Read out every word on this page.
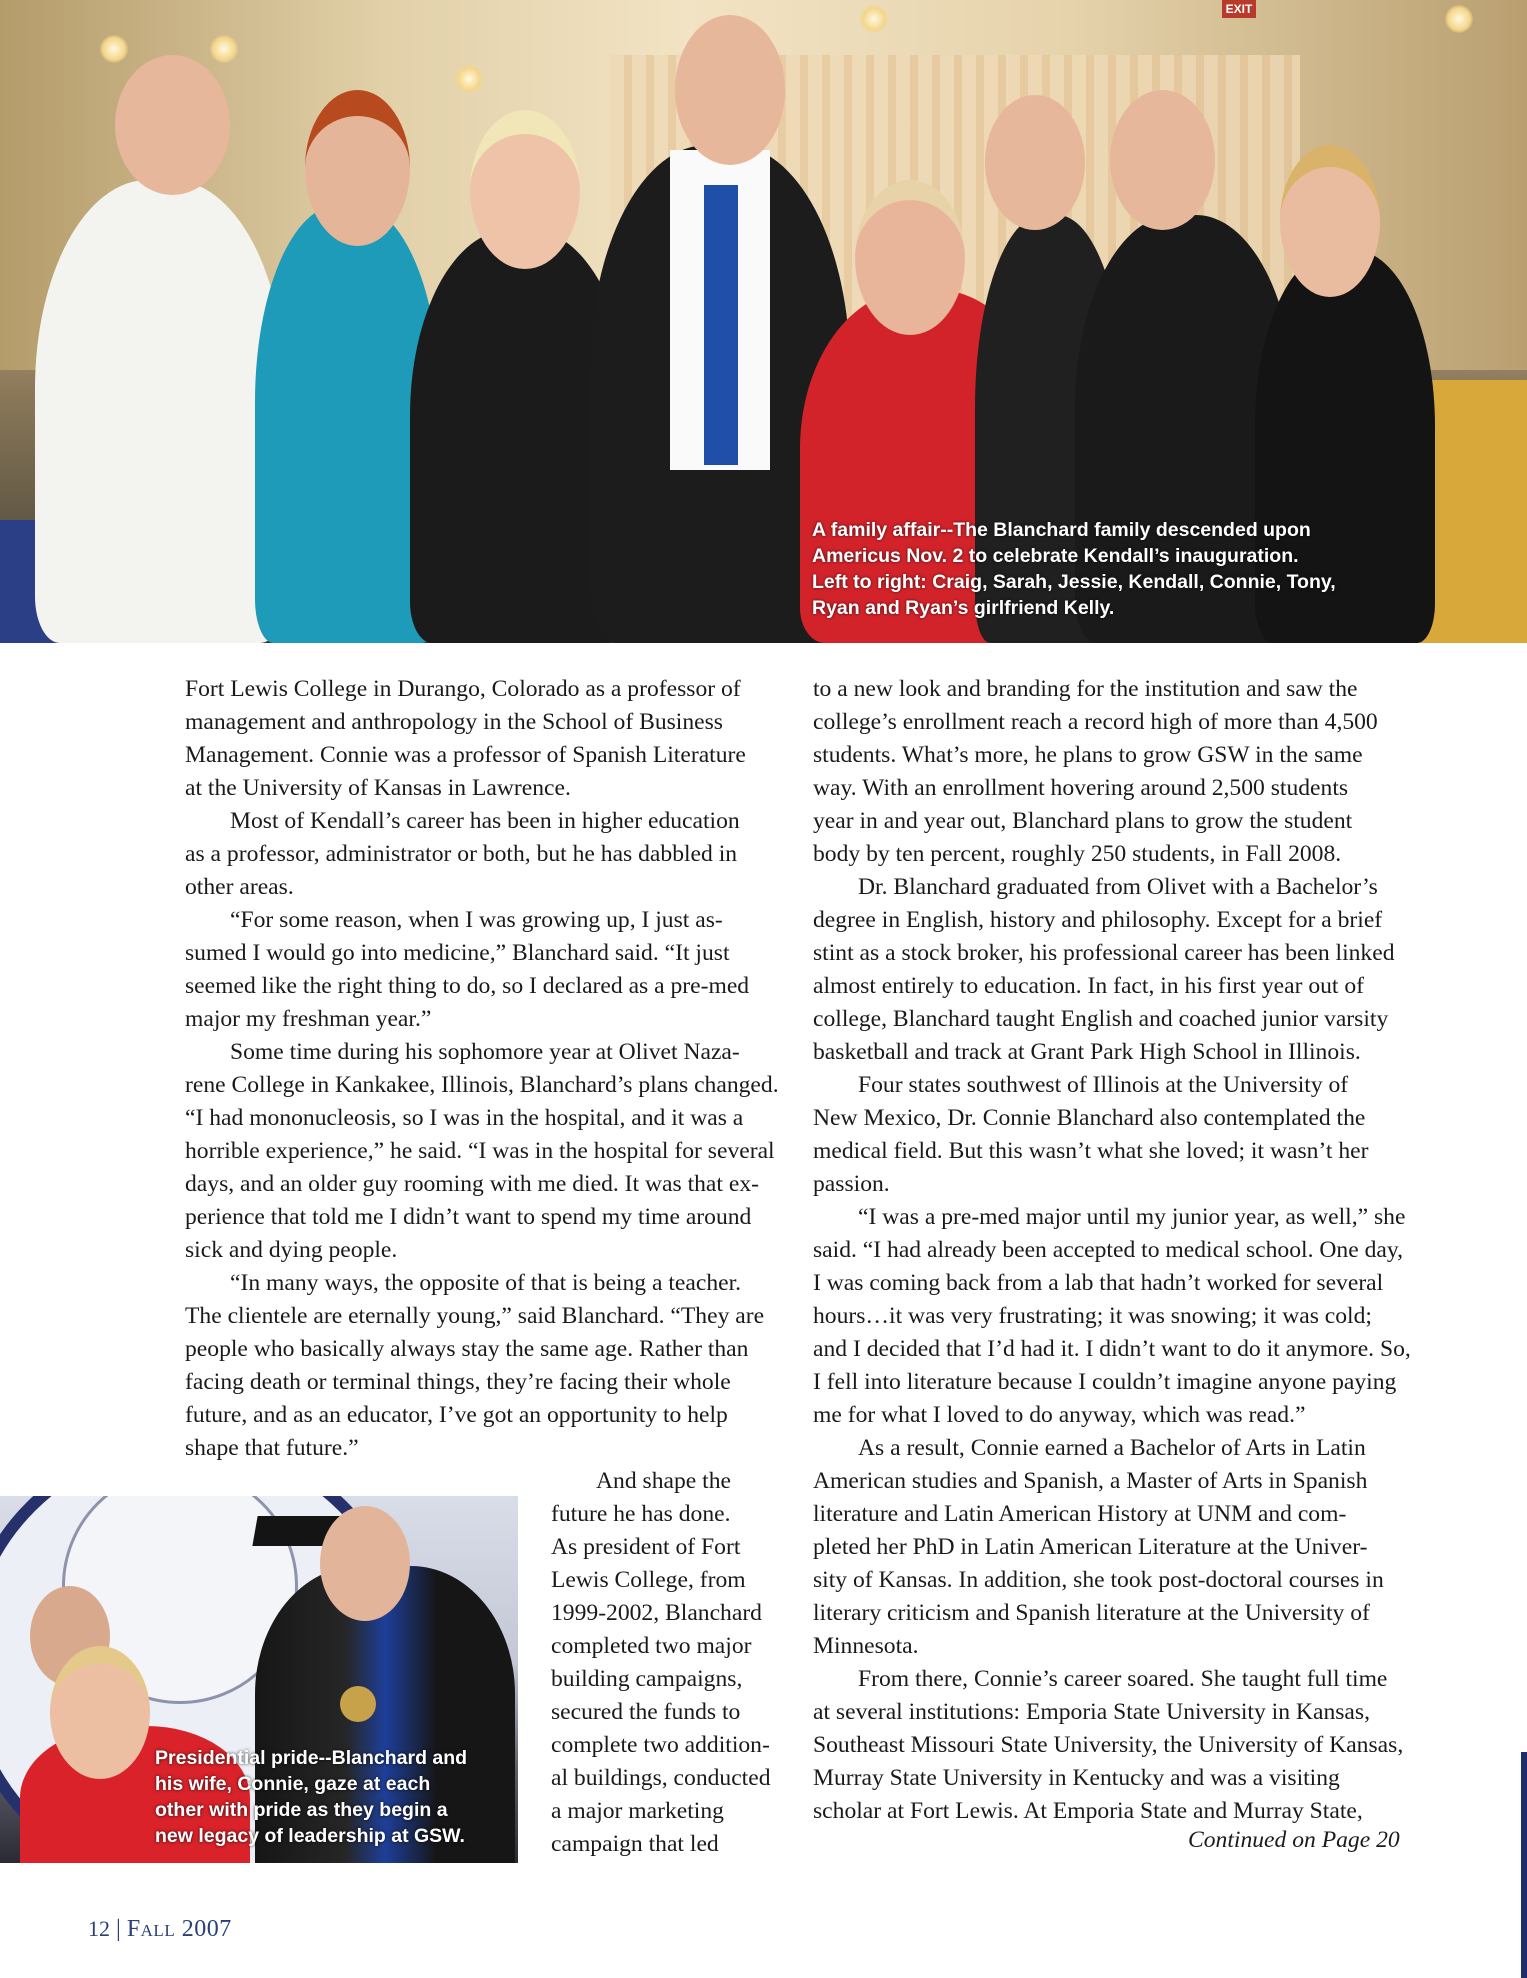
EXIT
A family affair--The Blanchard family descended upon
Americus Nov. 2 to celebrate Kendall’s inauguration.
Left to right: Craig, Sarah, Jessie, Kendall, Connie, Tony,
Ryan and Ryan’s girlfriend Kelly.
Fort Lewis College in Durango, Colorado as a professor of
management and anthropology in the School of Business
Management. Connie was a professor of Spanish Literature
at the University of Kansas in Lawrence.
Most of Kendall’s career has been in higher education
as a professor, administrator or both, but he has dabbled in
other areas.
“For some reason, when I was growing up, I just as-
sumed I would go into medicine,” Blanchard said. “It just
seemed like the right thing to do, so I declared as a pre-med
major my freshman year.”
Some time during his sophomore year at Olivet Naza-
rene College in Kankakee, Illinois, Blanchard’s plans changed.
“I had mononucleosis, so I was in the hospital, and it was a
horrible experience,” he said. “I was in the hospital for several
days, and an older guy rooming with me died. It was that ex-
perience that told me I didn’t want to spend my time around
sick and dying people.
“In many ways, the opposite of that is being a teacher.
The clientele are eternally young,” said Blanchard. “They are
people who basically always stay the same age. Rather than
facing death or terminal things, they’re facing their whole
future, and as an educator, I’ve got an opportunity to help
shape that future.”
And shape the
future he has done.
As president of Fort
Lewis College, from
1999-2002, Blanchard
completed two major
building campaigns,
secured the funds to
complete two addition-
al buildings, conducted
a major marketing
campaign that led
to a new look and branding for the institution and saw the
college’s enrollment reach a record high of more than 4,500
students. What’s more, he plans to grow GSW in the same
way. With an enrollment hovering around 2,500 students
year in and year out, Blanchard plans to grow the student
body by ten percent, roughly 250 students, in Fall 2008.
Dr. Blanchard graduated from Olivet with a Bachelor’s
degree in English, history and philosophy. Except for a brief
stint as a stock broker, his professional career has been linked
almost entirely to education. In fact, in his first year out of
college, Blanchard taught English and coached junior varsity
basketball and track at Grant Park High School in Illinois.
Four states southwest of Illinois at the University of
New Mexico, Dr. Connie Blanchard also contemplated the
medical field. But this wasn’t what she loved; it wasn’t her
passion.
“I was a pre-med major until my junior year, as well,” she
said. “I had already been accepted to medical school. One day,
I was coming back from a lab that hadn’t worked for several
hours…it was very frustrating; it was snowing; it was cold;
and I decided that I’d had it. I didn’t want to do it anymore. So,
I fell into literature because I couldn’t imagine anyone paying
me for what I loved to do anyway, which was read.”
As a result, Connie earned a Bachelor of Arts in Latin
American studies and Spanish, a Master of Arts in Spanish
literature and Latin American History at UNM and com-
pleted her PhD in Latin American Literature at the Univer-
sity of Kansas. In addition, she took post-doctoral courses in
literary criticism and Spanish literature at the University of
Minnesota.
From there, Connie’s career soared. She taught full time
at several institutions: Emporia State University in Kansas,
Southeast Missouri State University, the University of Kansas,
Murray State University in Kentucky and was a visiting
scholar at Fort Lewis. At Emporia State and Murray State,
Continued on Page 20
Presidential pride--Blanchard and
his wife, Connie, gaze at each
other with pride as they begin a
new legacy of leadership at GSW.
12 | Fall 2007
